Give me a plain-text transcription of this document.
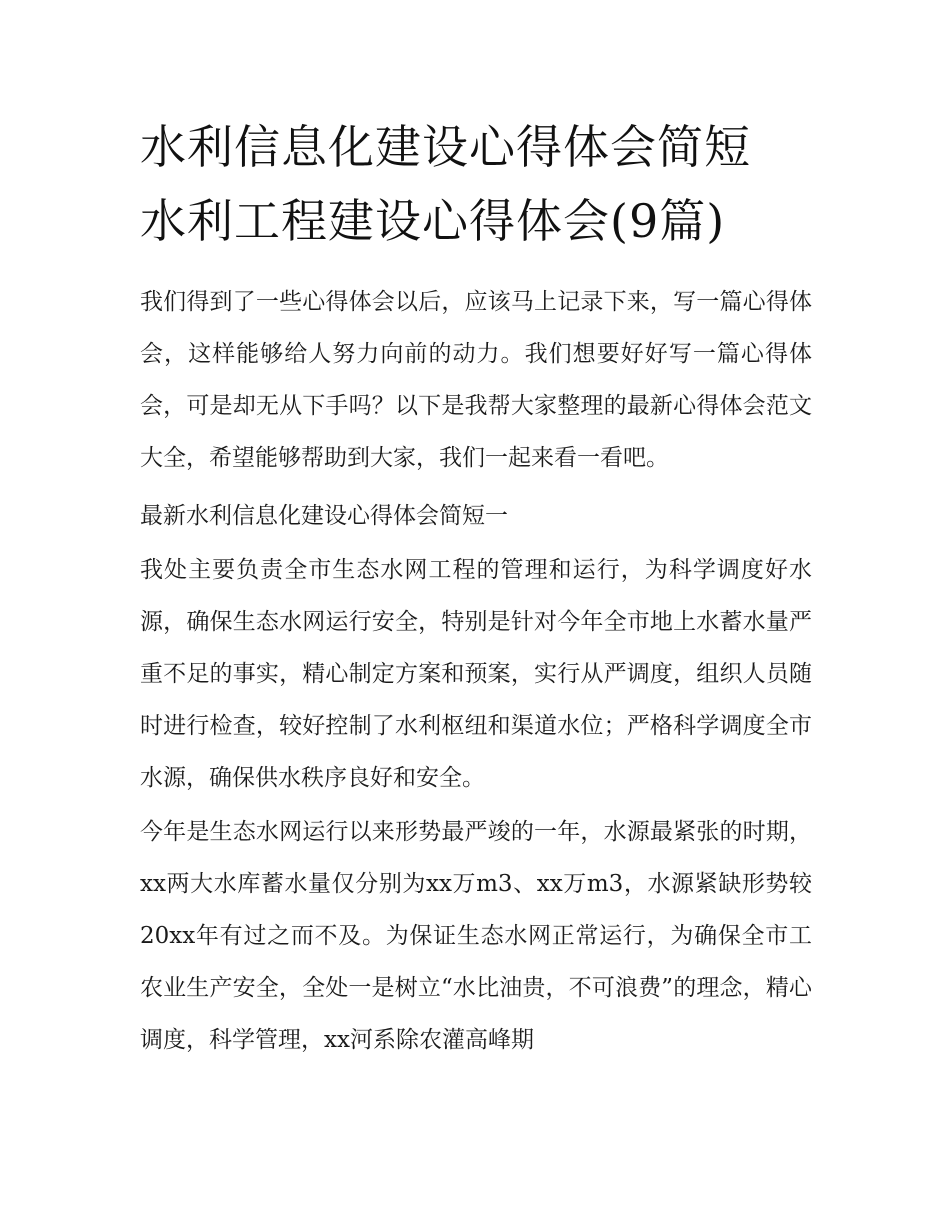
水利信息化建设心得体会简短
水利工程建设心得体会(9篇)

我们得到了一些心得体会以后，应该马上记录下来，写一篇心得体会，这样能够给人努力向前的动力。我们想要好好写一篇心得体会，可是却无从下手吗？以下是我帮大家整理的最新心得体会范文大全，希望能够帮助到大家，我们一起来看一看吧。

最新水利信息化建设心得体会简短一

我处主要负责全市生态水网工程的管理和运行，为科学调度好水源，确保生态水网运行安全，特别是针对今年全市地上水蓄水量严重不足的事实，精心制定方案和预案，实行从严调度，组织人员随时进行检查，较好控制了水利枢纽和渠道水位；严格科学调度全市水源，确保供水秩序良好和安全。

今年是生态水网运行以来形势最严竣的一年，水源最紧张的时期，xx两大水库蓄水量仅分别为xx万m3、xx万m3，水源紧缺形势较20xx年有过之而不及。为保证生态水网正常运行，为确保全市工农业生产安全，全处一是树立“水比油贵，不可浪费”的理念，精心调度，科学管理，xx河系除农灌高峰期
